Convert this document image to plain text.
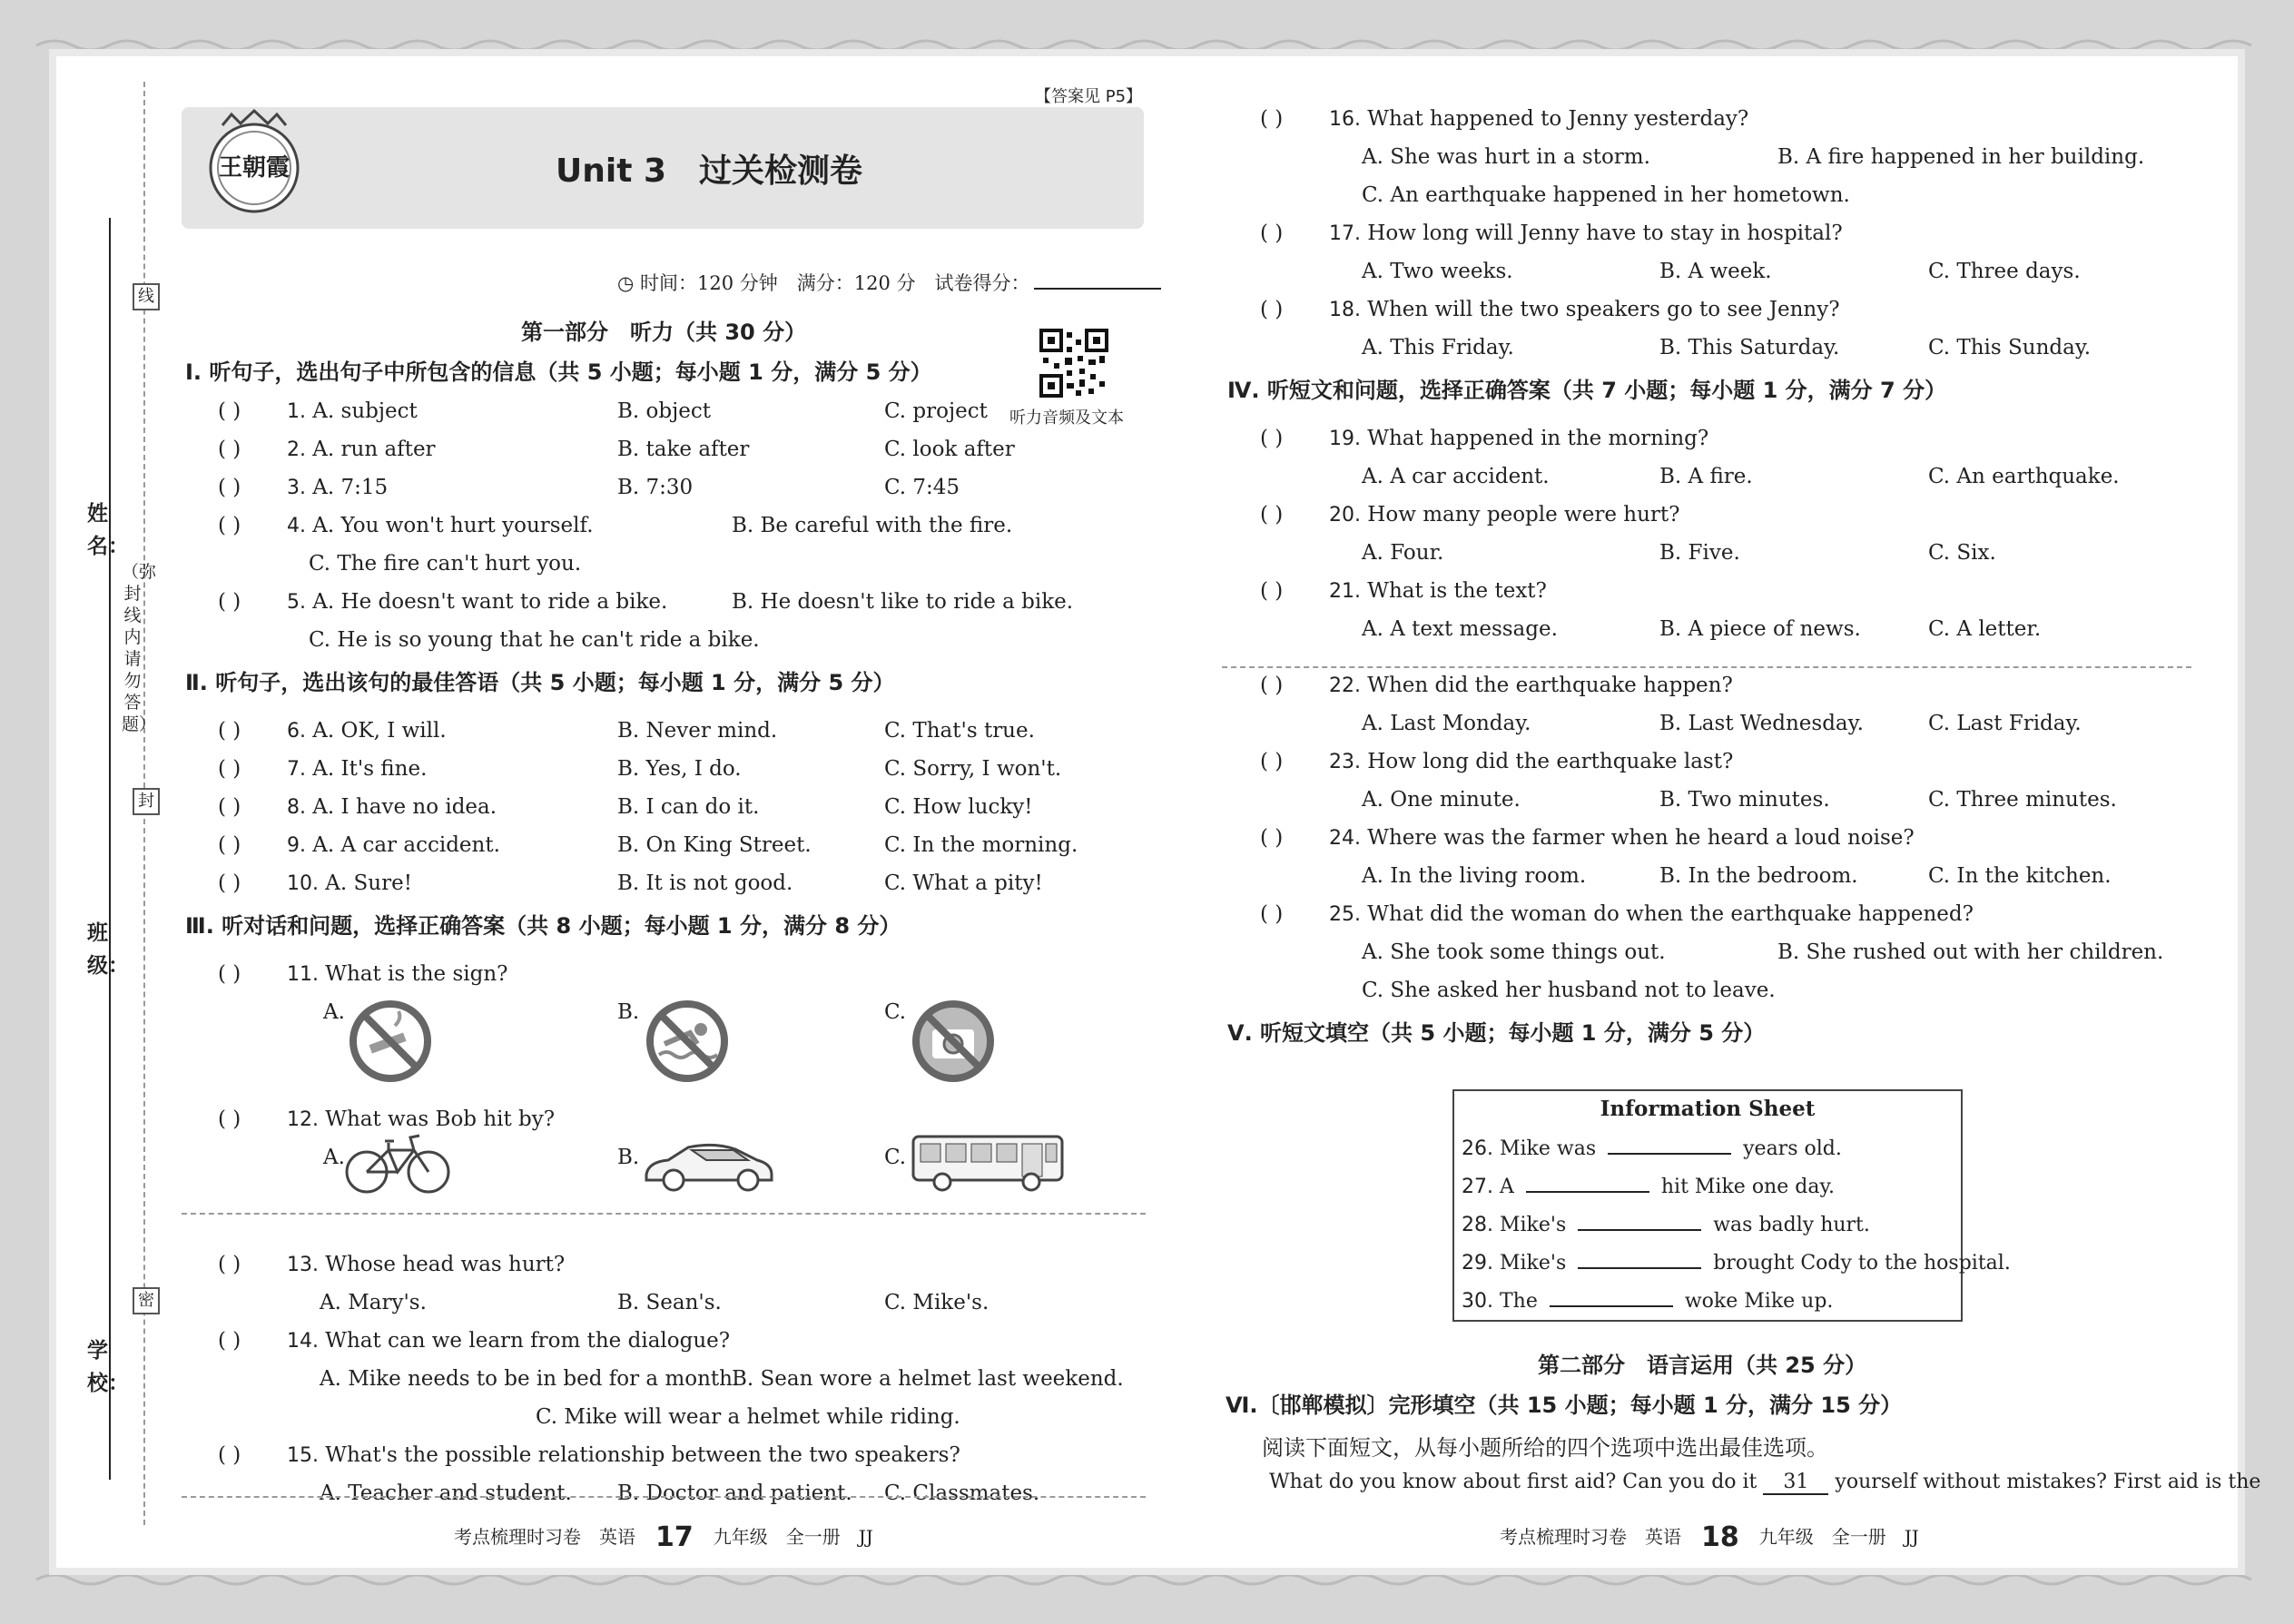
姓名：
班级：
学校：
线
封
密
（弥封线内请勿答题）
王朝霞
【答案见 P5】
Unit 3　过关检测卷
◷ 时间：120 分钟　满分：120 分　试卷得分：
第一部分　听力（共 30 分）
听力音频及文本
Ⅰ. 听句子，选出句子中所包含的信息（共 5 小题；每小题 1 分，满分 5 分）
( ) 1. A. subject	B. object	C. project
( ) 2. A. run after	B. take after	C. look after
( ) 3. A. 7:15	B. 7:30	C. 7:45
( ) 4. A. You won't hurt yourself.	B. Be careful with the fire.
C. The fire can't hurt you.
( ) 5. A. He doesn't want to ride a bike.	B. He doesn't like to ride a bike.
C. He is so young that he can't ride a bike.
Ⅱ. 听句子，选出该句的最佳答语（共 5 小题；每小题 1 分，满分 5 分）
( ) 6. A. OK, I will.	B. Never mind.	C. That's true.
( ) 7. A. It's fine.	B. Yes, I do.	C. Sorry, I won't.
( ) 8. A. I have no idea.	B. I can do it.	C. How lucky!
( ) 9. A. A car accident.	B. On King Street.	C. In the morning.
( ) 10. A. Sure!	B. It is not good.	C. What a pity!
Ⅲ. 听对话和问题，选择正确答案（共 8 小题；每小题 1 分，满分 8 分）
( ) 11. What is the sign?
A.	B.	C.
( ) 12. What was Bob hit by?
A.	B.	C.
( ) 13. Whose head was hurt?
A. Mary's.	B. Sean's.	C. Mike's.
( ) 14. What can we learn from the dialogue?
A. Mike needs to be in bed for a month.
B. Sean wore a helmet last weekend.
C. Mike will wear a helmet while riding.
( ) 15. What's the possible relationship between the two speakers?
A. Teacher and student. B. Doctor and patient. C. Classmates.
( ) 16. What happened to Jenny yesterday?
A. She was hurt in a storm.	B. A fire happened in her building.
C. An earthquake happened in her hometown.
( ) 17. How long will Jenny have to stay in hospital?
A. Two weeks.	B. A week.	C. Three days.
( ) 18. When will the two speakers go to see Jenny?
A. This Friday.	B. This Saturday.	C. This Sunday.
Ⅳ. 听短文和问题，选择正确答案（共 7 小题；每小题 1 分，满分 7 分）
( ) 19. What happened in the morning?
A. A car accident.	B. A fire.	C. An earthquake.
( ) 20. How many people were hurt?
A. Four.	B. Five.	C. Six.
( ) 21. What is the text?
A. A text message.	B. A piece of news.	C. A letter.
( ) 22. When did the earthquake happen?
A. Last Monday.	B. Last Wednesday.	C. Last Friday.
( ) 23. How long did the earthquake last?
A. One minute.	B. Two minutes.	C. Three minutes.
( ) 24. Where was the farmer when he heard a loud noise?
A. In the living room.	B. In the bedroom.	C. In the kitchen.
( ) 25. What did the woman do when the earthquake happened?
A. She took some things out.	B. She rushed out with her children.
C. She asked her husband not to leave.
Ⅴ. 听短文填空（共 5 小题；每小题 1 分，满分 5 分）
Information Sheet
26. Mike was	years old.
27. A	hit Mike one day.
28. Mike's	was badly hurt.
29. Mike's	brought Cody to the hospital.
30. The	woke Mike up.
第二部分　语言运用（共 25 分）
Ⅵ.〔邯郸模拟〕完形填空（共 15 小题；每小题 1 分，满分 15 分）
阅读下面短文，从每小题所给的四个选项中选出最佳选项。
What do you know about first aid? Can you do it 31 yourself without mistakes? First aid is the
考点梳理时习卷　英语 17 九年级　全一册　JJ	考点梳理时习卷　英语 18 九年级　全一册　JJ
